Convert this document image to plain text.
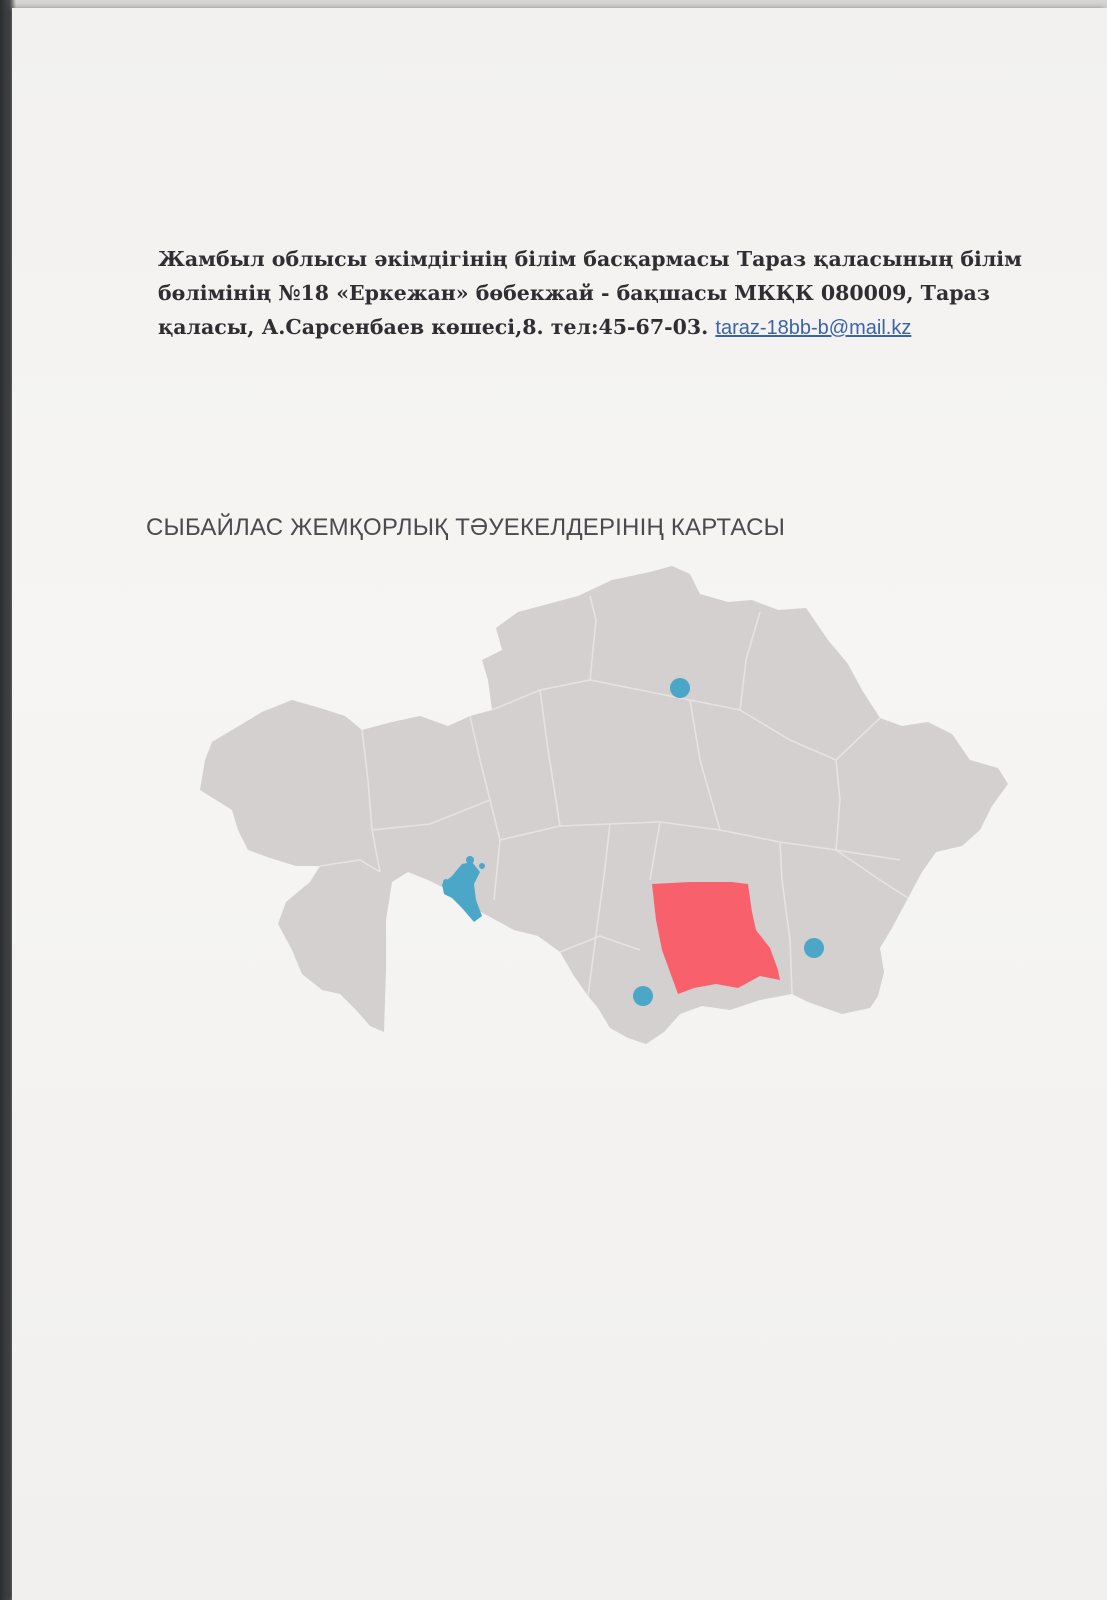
Жамбыл облысы әкімдігінің білім басқармасы Тараз қаласының білім
бөлімінің №18 «Еркежан» бөбекжай - бақшасы МКҚК 080009, Тараз
қаласы, А.Сарсенбаев көшесі,8. тел:45-67-03. taraz-18bb-b@mail.kz
СЫБАЙЛАС ЖЕМҚОРЛЫҚ ТӘУЕКЕЛДЕРІНІҢ КАРТАСЫ
